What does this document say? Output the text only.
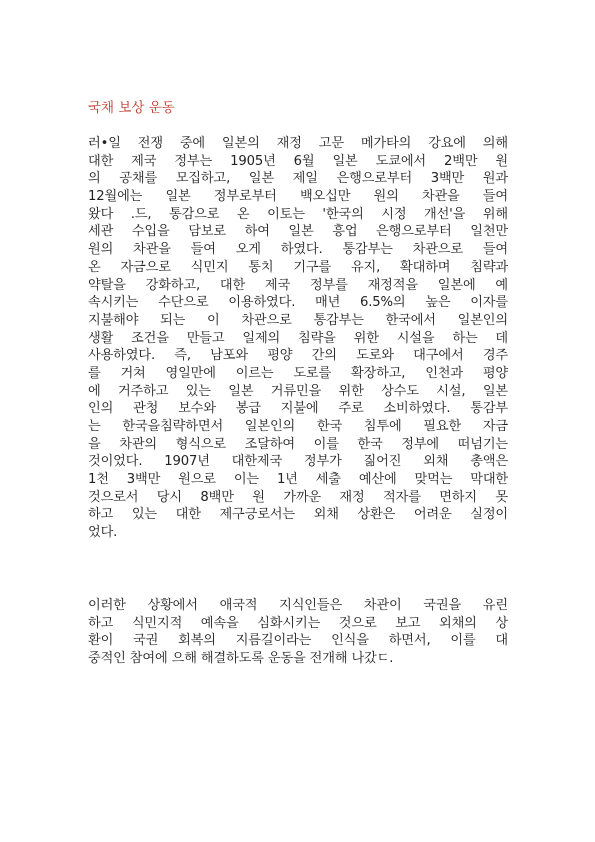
국채 보상 운동
러•일 전쟁 중에 일본의 재정 고문 메가타의 강요에 의해
대한 제국 정부는 1905년 6월 일본 도쿄에서 2백만 원
의 공채를 모집하고, 일본 제일 은행으로부터 3백만 원과
12월에는 일본 정부로부터 백오십만 원의 차관을 들여
왔다 .드, 통감으로 온 이토는 '한국의 시정 개선'을 위해
세관 수입을 담보로 하여 일본 흥업 은행으로부터 일천만
원의 차관을 들여 오게 하였다. 통감부는 차관으로 들여
온 자금으로 식민지 통치 기구를 유지, 확대하며 침략과
약탈을 강화하고, 대한 제국 정부를 재정적을 일본에 예
속시키는 수단으로 이용하였다. 매년 6.5%의 높은 이자를
지불해야 되는 이 차관으로 통감부는 한국에서 일본인의
생활 조건을 만들고 일제의 침략을 위한 시설을 하는 데
사용하였다. 즉, 남포와 평양 간의 도로와 대구에서 경주
를 거쳐 영일만에 이르는 도로를 확장하고, 인천과 평양
에 거주하고 있는 일본 거류민을 위한 상수도 시설, 일본
인의 관청 보수와 봉급 지불에 주로 소비하였다. 통감부
는 한국을침략하면서 일본인의 한국 침투에 필요한 자금
을 차관의 형식으로 조달하여 이를 한국 정부에 떠넘기는
것이었다. 1907년 대한제국 정부가 짊어진 외채 총액은
1천 3백만 원으로 이는 1년 세출 예산에 맞먹는 막대한
것으로서 당시 8백만 원 가까운 재정 적자를 면하지 못
하고 있는 대한 제구긍로서는 외채 상환은 어려운 실정이
었다.
이러한 상황에서 애국적 지식인들은 차관이 국권을 유린
하고 식민지적 예속을 심화시키는 것으로 보고 외채의 상
환이 국권 회복의 지름길이라는 인식을 하면서, 이를 대
중적인 참여에 으해 해결하도록 운동을 전개해 나갔ㄷ.
